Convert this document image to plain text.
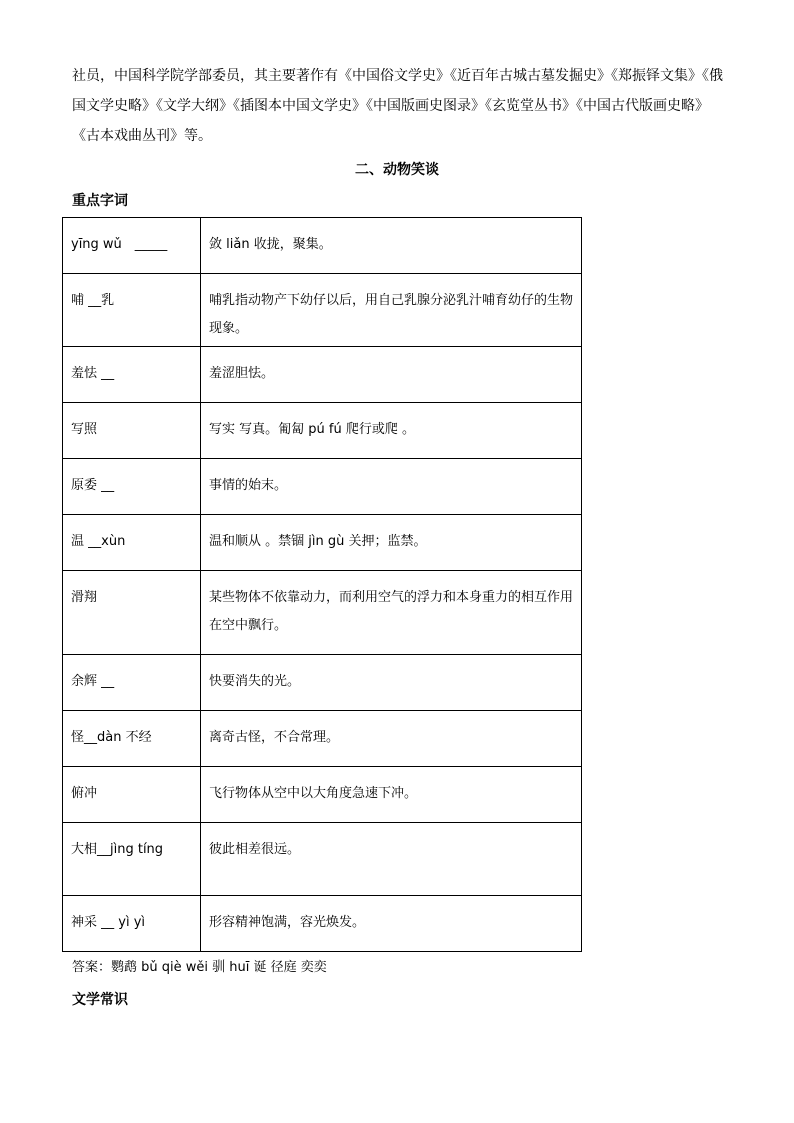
社员，中国科学院学部委员，其主要著作有《中国俗文学史》《近百年古城古墓发掘史》《郑振铎文集》《俄
国文学史略》《文学大纲》《插图本中国文学史》《中国版画史图录》《玄览堂丛书》《中国古代版画史略》
《古本戏曲丛刊》等。
二、动物笑谈
重点字词
yīng wǔ　_____	敛 liǎn 收拢，聚集。

哺 __乳	哺乳指动物产下幼仔以后，用自己乳腺分泌乳汁哺育幼仔的生物现象。

羞怯 __	羞涩胆怯。

写照	写实 写真。匍匐 pú fú 爬行或爬 。

原委 __	事情的始末。

温 __xùn	温和顺从 。禁锢 jìn gù 关押；监禁。

滑翔	某些物体不依靠动力，而利用空气的浮力和本身重力的相互作用在空中飘行。

余辉 __	快要消失的光。

怪__dàn 不经	离奇古怪，不合常理。

俯冲	飞行物体从空中以大角度急速下冲。

大相__jìng tíng	彼此相差很远。

神采 __ yì yì	形容精神饱满，容光焕发。

答案：鹦鹉 bǔ qiè wěi 驯 huī 诞 径庭 奕奕

文学常识
